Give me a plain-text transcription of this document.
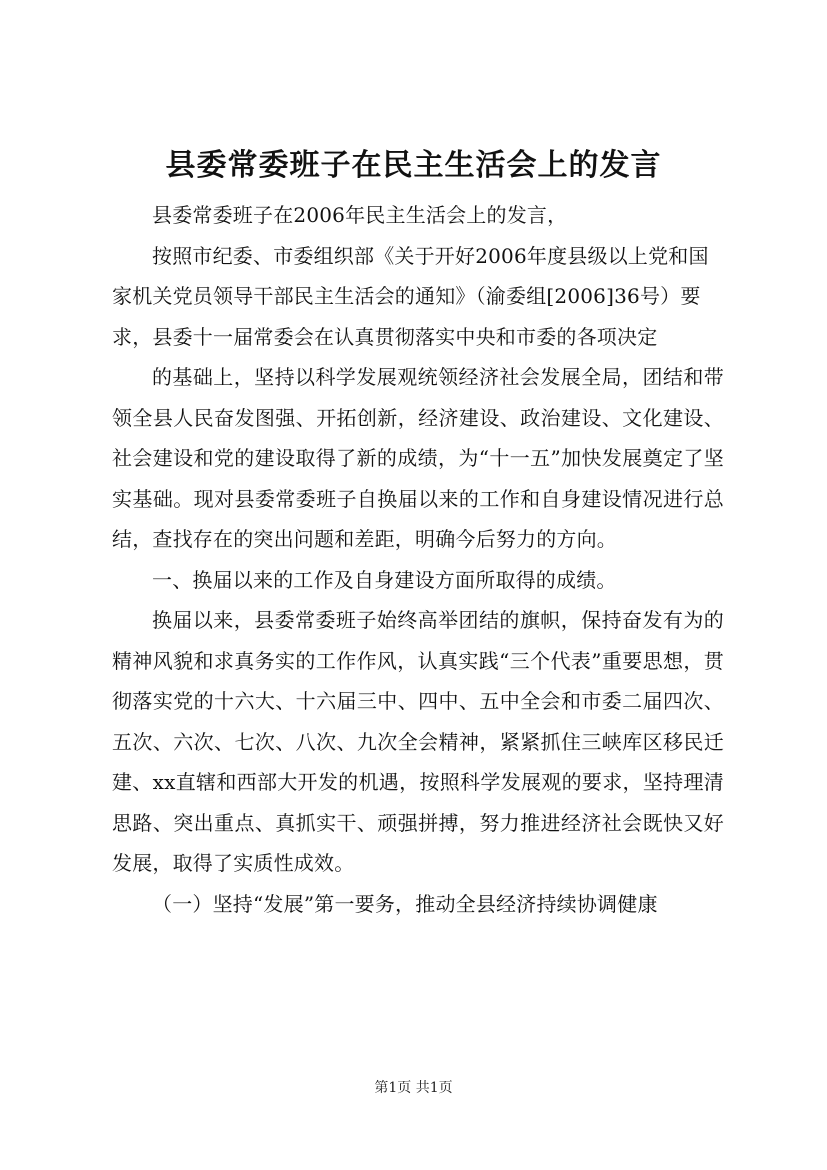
县委常委班子在民主生活会上的发言

县委常委班子在2006年民主生活会上的发言，

按照市纪委、市委组织部《关于开好2006年度县级以上党和国家机关党员领导干部民主生活会的通知》（渝委组[2006]36号）要求，县委十一届常委会在认真贯彻落实中央和市委的各项决定

的基础上，坚持以科学发展观统领经济社会发展全局，团结和带领全县人民奋发图强、开拓创新，经济建设、政治建设、文化建设、社会建设和党的建设取得了新的成绩，为“十一五”加快发展奠定了坚实基础。现对县委常委班子自换届以来的工作和自身建设情况进行总结，查找存在的突出问题和差距，明确今后努力的方向。

一、换届以来的工作及自身建设方面所取得的成绩。

换届以来，县委常委班子始终高举团结的旗帜，保持奋发有为的精神风貌和求真务实的工作作风，认真实践“三个代表”重要思想，贯彻落实党的十六大、十六届三中、四中、五中全会和市委二届四次、五次、六次、七次、八次、九次全会精神，紧紧抓住三峡库区移民迁建、xx直辖和西部大开发的机遇，按照科学发展观的要求，坚持理清思路、突出重点、真抓实干、顽强拼搏，努力推进经济社会既快又好发展，取得了实质性成效。

（一）坚持“发展”第一要务，推动全县经济持续协调健康

第1页 共1页
